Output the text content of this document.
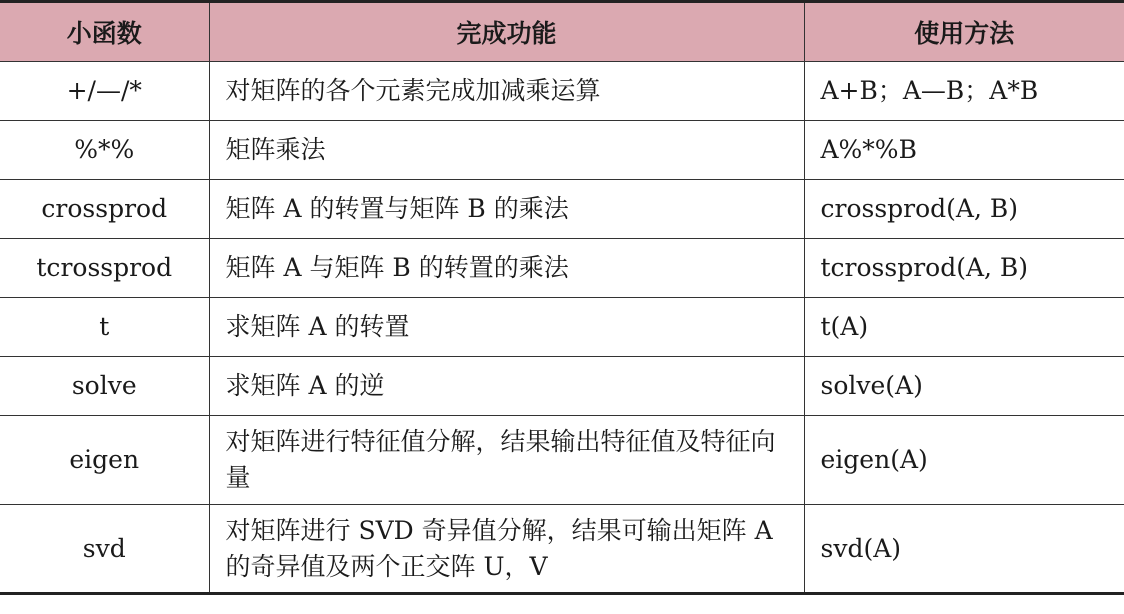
小函数	完成功能	使用方法
+/—/*	对矩阵的各个元素完成加减乘运算	A+B；A—B；A*B
%*%	矩阵乘法	A%*%B
crossprod	矩阵 A 的转置与矩阵 B 的乘法	crossprod(A, B)
tcrossprod	矩阵 A 与矩阵 B 的转置的乘法	tcrossprod(A, B)
t	求矩阵 A 的转置	t(A)
solve	求矩阵 A 的逆	solve(A)
eigen	对矩阵进行特征值分解，结果输出特征值及特征向量	eigen(A)
svd	对矩阵进行 SVD 奇异值分解，结果可输出矩阵 A 的奇异值及两个正交阵 U，V	svd(A)
